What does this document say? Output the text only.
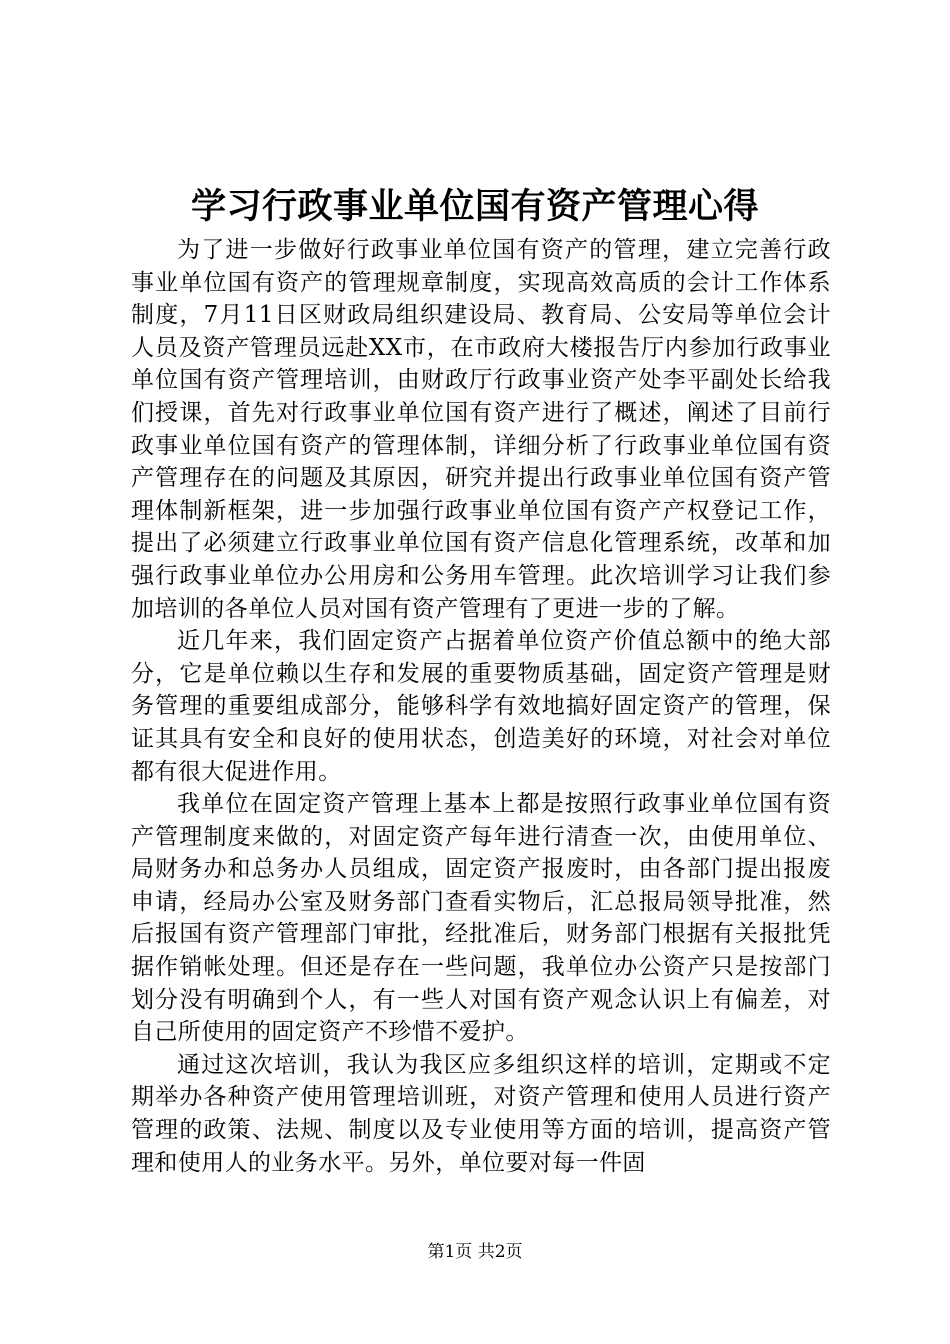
学习行政事业单位国有资产管理心得

为了进一步做好行政事业单位国有资产的管理，建立完善行政事业单位国有资产的管理规章制度，实现高效高质的会计工作体系制度，7月11日区财政局组织建设局、教育局、公安局等单位会计人员及资产管理员远赴XX市，在市政府大楼报告厅内参加行政事业单位国有资产管理培训，由财政厅行政事业资产处李平副处长给我们授课，首先对行政事业单位国有资产进行了概述，阐述了目前行政事业单位国有资产的管理体制，详细分析了行政事业单位国有资产管理存在的问题及其原因，研究并提出行政事业单位国有资产管理体制新框架，进一步加强行政事业单位国有资产产权登记工作，提出了必须建立行政事业单位国有资产信息化管理系统，改革和加强行政事业单位办公用房和公务用车管理。此次培训学习让我们参加培训的各单位人员对国有资产管理有了更进一步的了解。

近几年来，我们固定资产占据着单位资产价值总额中的绝大部分，它是单位赖以生存和发展的重要物质基础，固定资产管理是财务管理的重要组成部分，能够科学有效地搞好固定资产的管理，保证其具有安全和良好的使用状态，创造美好的环境，对社会对单位都有很大促进作用。

我单位在固定资产管理上基本上都是按照行政事业单位国有资产管理制度来做的，对固定资产每年进行清查一次，由使用单位、局财务办和总务办人员组成，固定资产报废时，由各部门提出报废申请，经局办公室及财务部门查看实物后，汇总报局领导批准，然后报国有资产管理部门审批，经批准后，财务部门根据有关报批凭据作销帐处理。但还是存在一些问题，我单位办公资产只是按部门划分没有明确到个人，有一些人对国有资产观念认识上有偏差，对自己所使用的固定资产不珍惜不爱护。

通过这次培训，我认为我区应多组织这样的培训，定期或不定期举办各种资产使用管理培训班，对资产管理和使用人员进行资产管理的政策、法规、制度以及专业使用等方面的培训，提高资产管理和使用人的业务水平。另外，单位要对每一件固

第1页 共2页
